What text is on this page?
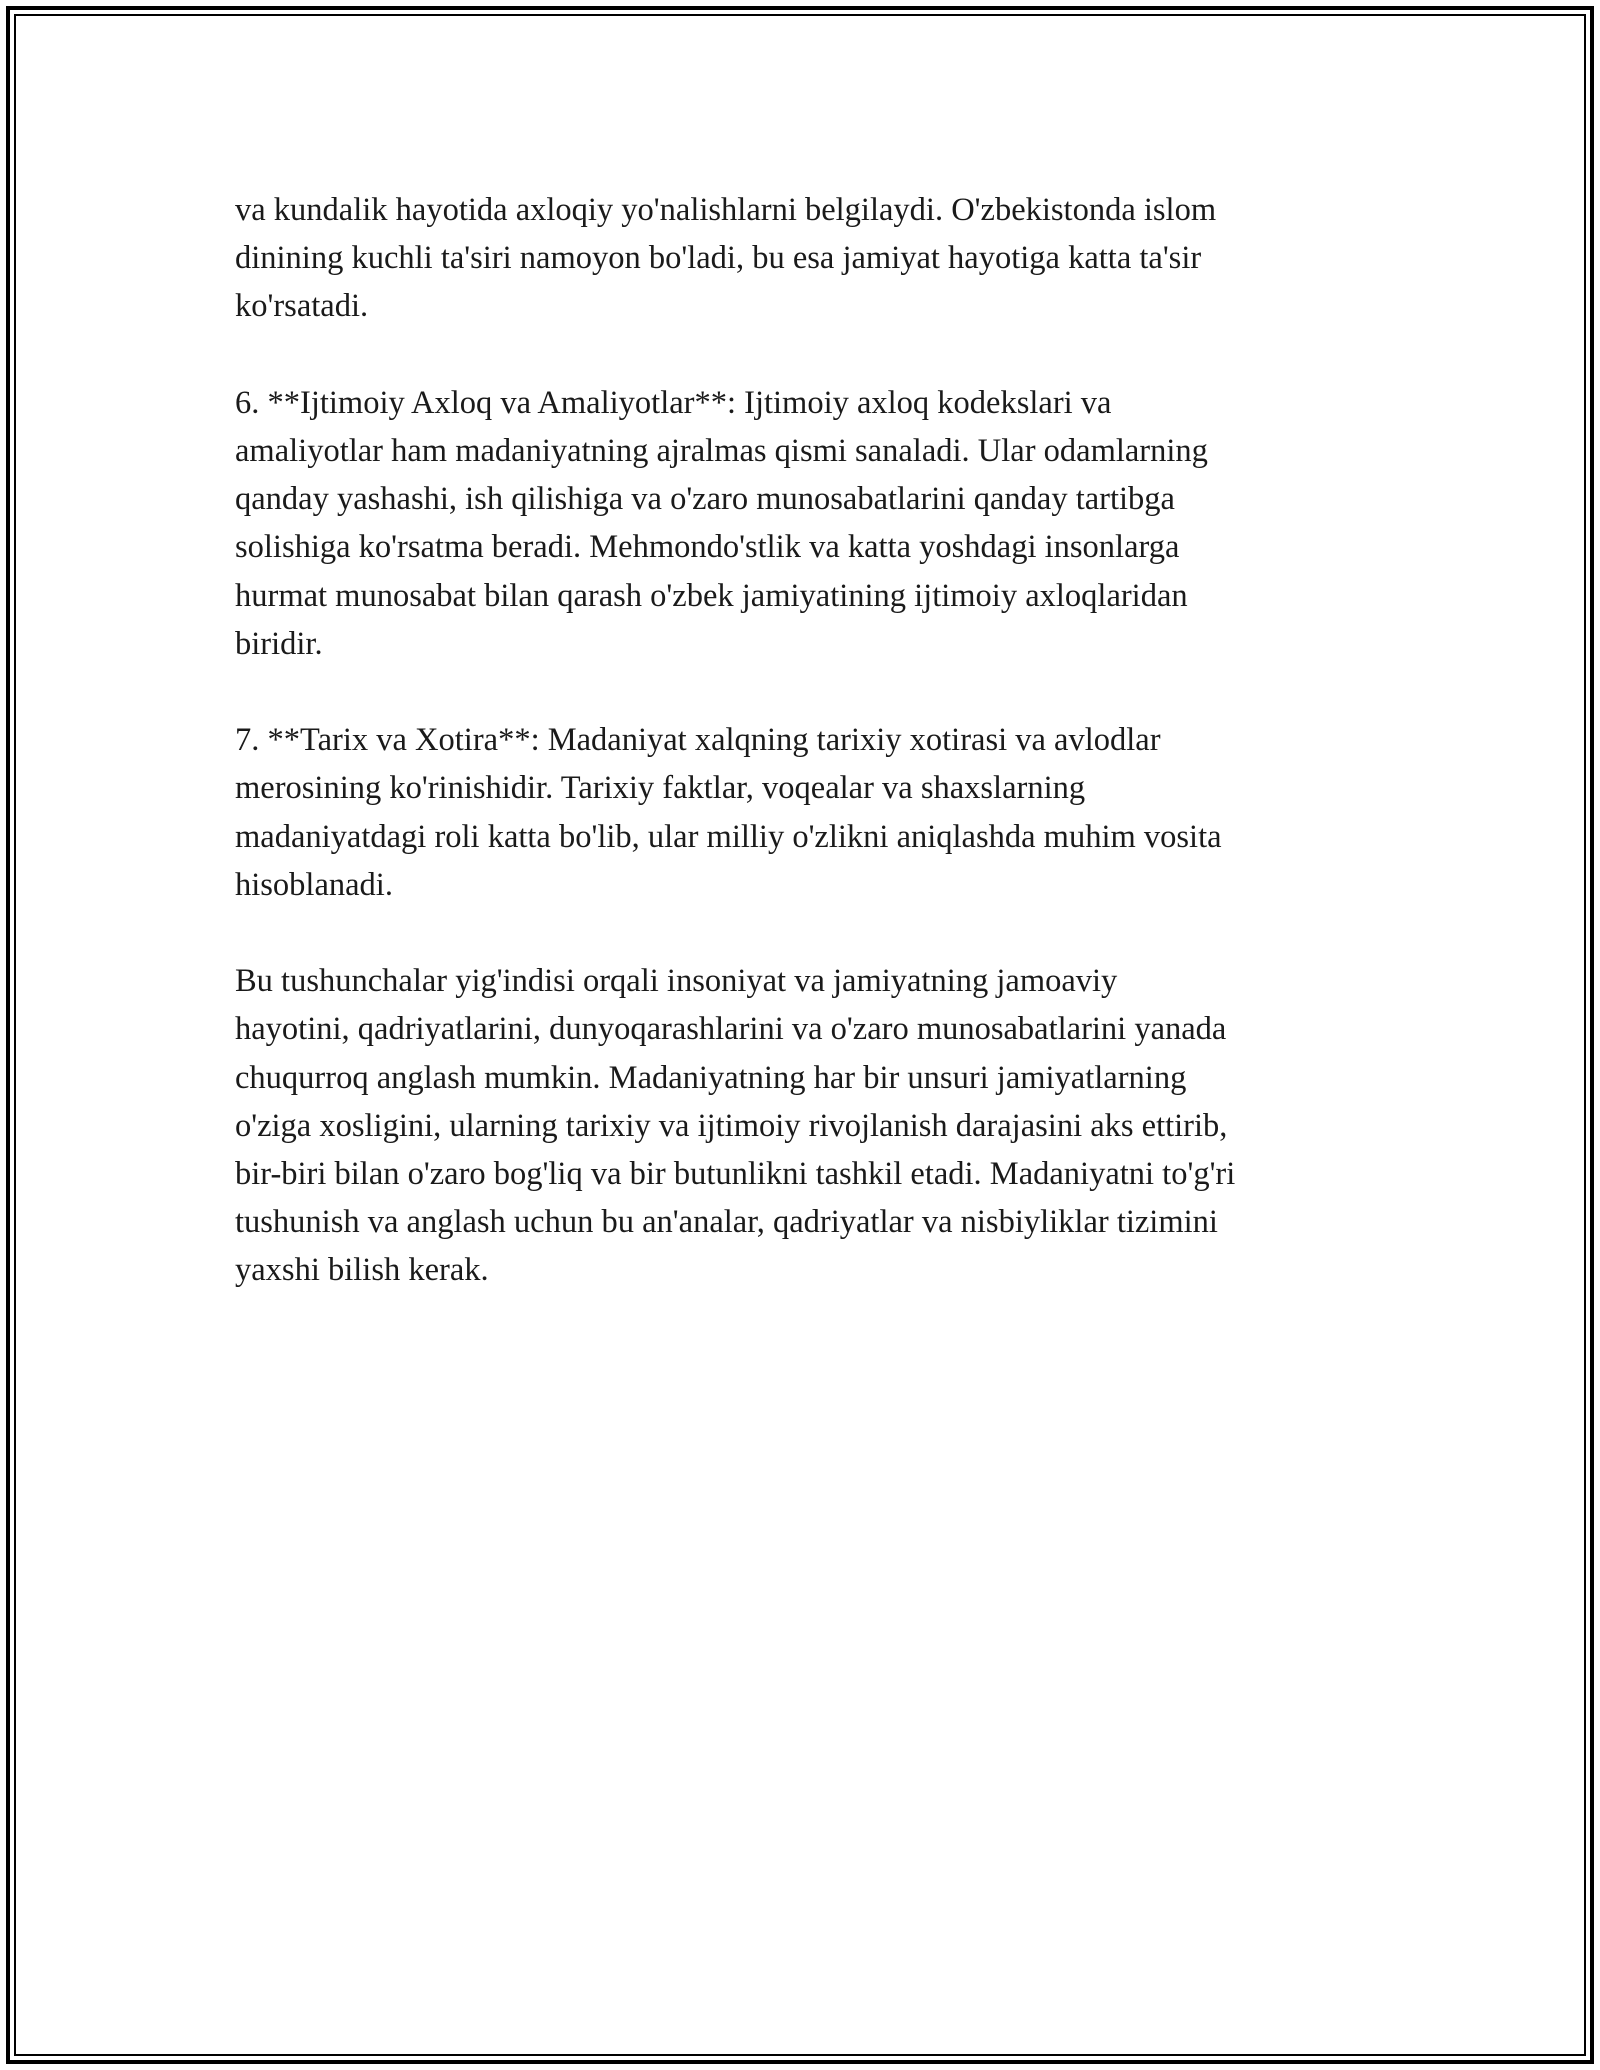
va kundalik hayotida axloqiy yo'nalishlarni belgilaydi. O'zbekistonda islom
dinining kuchli ta'siri namoyon bo'ladi, bu esa jamiyat hayotiga katta ta'sir
ko'rsatadi.

6. **Ijtimoiy Axloq va Amaliyotlar**: Ijtimoiy axloq kodekslari va
amaliyotlar ham madaniyatning ajralmas qismi sanaladi. Ular odamlarning
qanday yashashi, ish qilishiga va o'zaro munosabatlarini qanday tartibga
solishiga ko'rsatma beradi. Mehmondo'stlik va katta yoshdagi insonlarga
hurmat munosabat bilan qarash o'zbek jamiyatining ijtimoiy axloqlaridan
biridir.

7. **Tarix va Xotira**: Madaniyat xalqning tarixiy xotirasi va avlodlar
merosining ko'rinishidir. Tarixiy faktlar, voqealar va shaxslarning
madaniyatdagi roli katta bo'lib, ular milliy o'zlikni aniqlashda muhim vosita
hisoblanadi.

Bu tushunchalar yig'indisi orqali insoniyat va jamiyatning jamoaviy
hayotini, qadriyatlarini, dunyoqarashlarini va o'zaro munosabatlarini yanada
chuqurroq anglash mumkin. Madaniyatning har bir unsuri jamiyatlarning
o'ziga xosligini, ularning tarixiy va ijtimoiy rivojlanish darajasini aks ettirib,
bir-biri bilan o'zaro bog'liq va bir butunlikni tashkil etadi. Madaniyatni to'g'ri
tushunish va anglash uchun bu an'analar, qadriyatlar va nisbiyliklar tizimini
yaxshi bilish kerak.
